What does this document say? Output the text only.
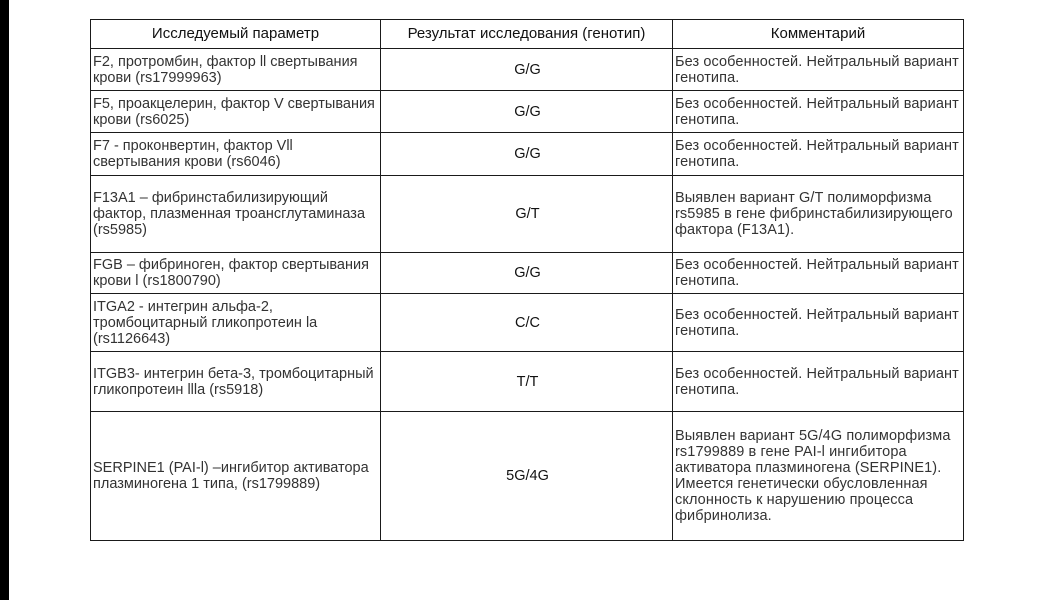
Исследуемый параметр	Результат исследования (генотип)	Комментарий
F2, протромбин, фактор ll свертывания крови (rs17999963)	G/G	Без особенностей. Нейтральный вариант генотипа.
F5, проакцелерин, фактор V свертывания крови (rs6025)	G/G	Без особенностей. Нейтральный вариант генотипа.
F7 - проконвертин, фактор Vll свертывания крови (rs6046)	G/G	Без особенностей. Нейтральный вариант генотипа.
F13A1 – фибринстабилизирующий фактор, плазменная троансглутаминаза (rs5985)	G/T	Выявлен вариант G/T полиморфизма rs5985 в гене фибринстабилизирующего фактора (F13A1).
FGB – фибриноген, фактор свертывания крови l (rs1800790)	G/G	Без особенностей. Нейтральный вариант генотипа.
ITGA2 - интегрин альфа-2, тромбоцитарный гликопротеин la (rs1126643)	C/C	Без особенностей. Нейтральный вариант генотипа.
ITGB3- интегрин бета-3, тромбоцитарный гликопротеин llla (rs5918)	T/T	Без особенностей. Нейтральный вариант генотипа.
SERPINE1 (PAI-l) –ингибитор активатора плазминогена 1 типа, (rs1799889)	5G/4G	Выявлен вариант 5G/4G полиморфизма rs1799889 в гене PAI-l ингибитора активатора плазминогена (SERPINE1). Имеется генетически обусловленная склонность к нарушению процесса фибринолиза.
